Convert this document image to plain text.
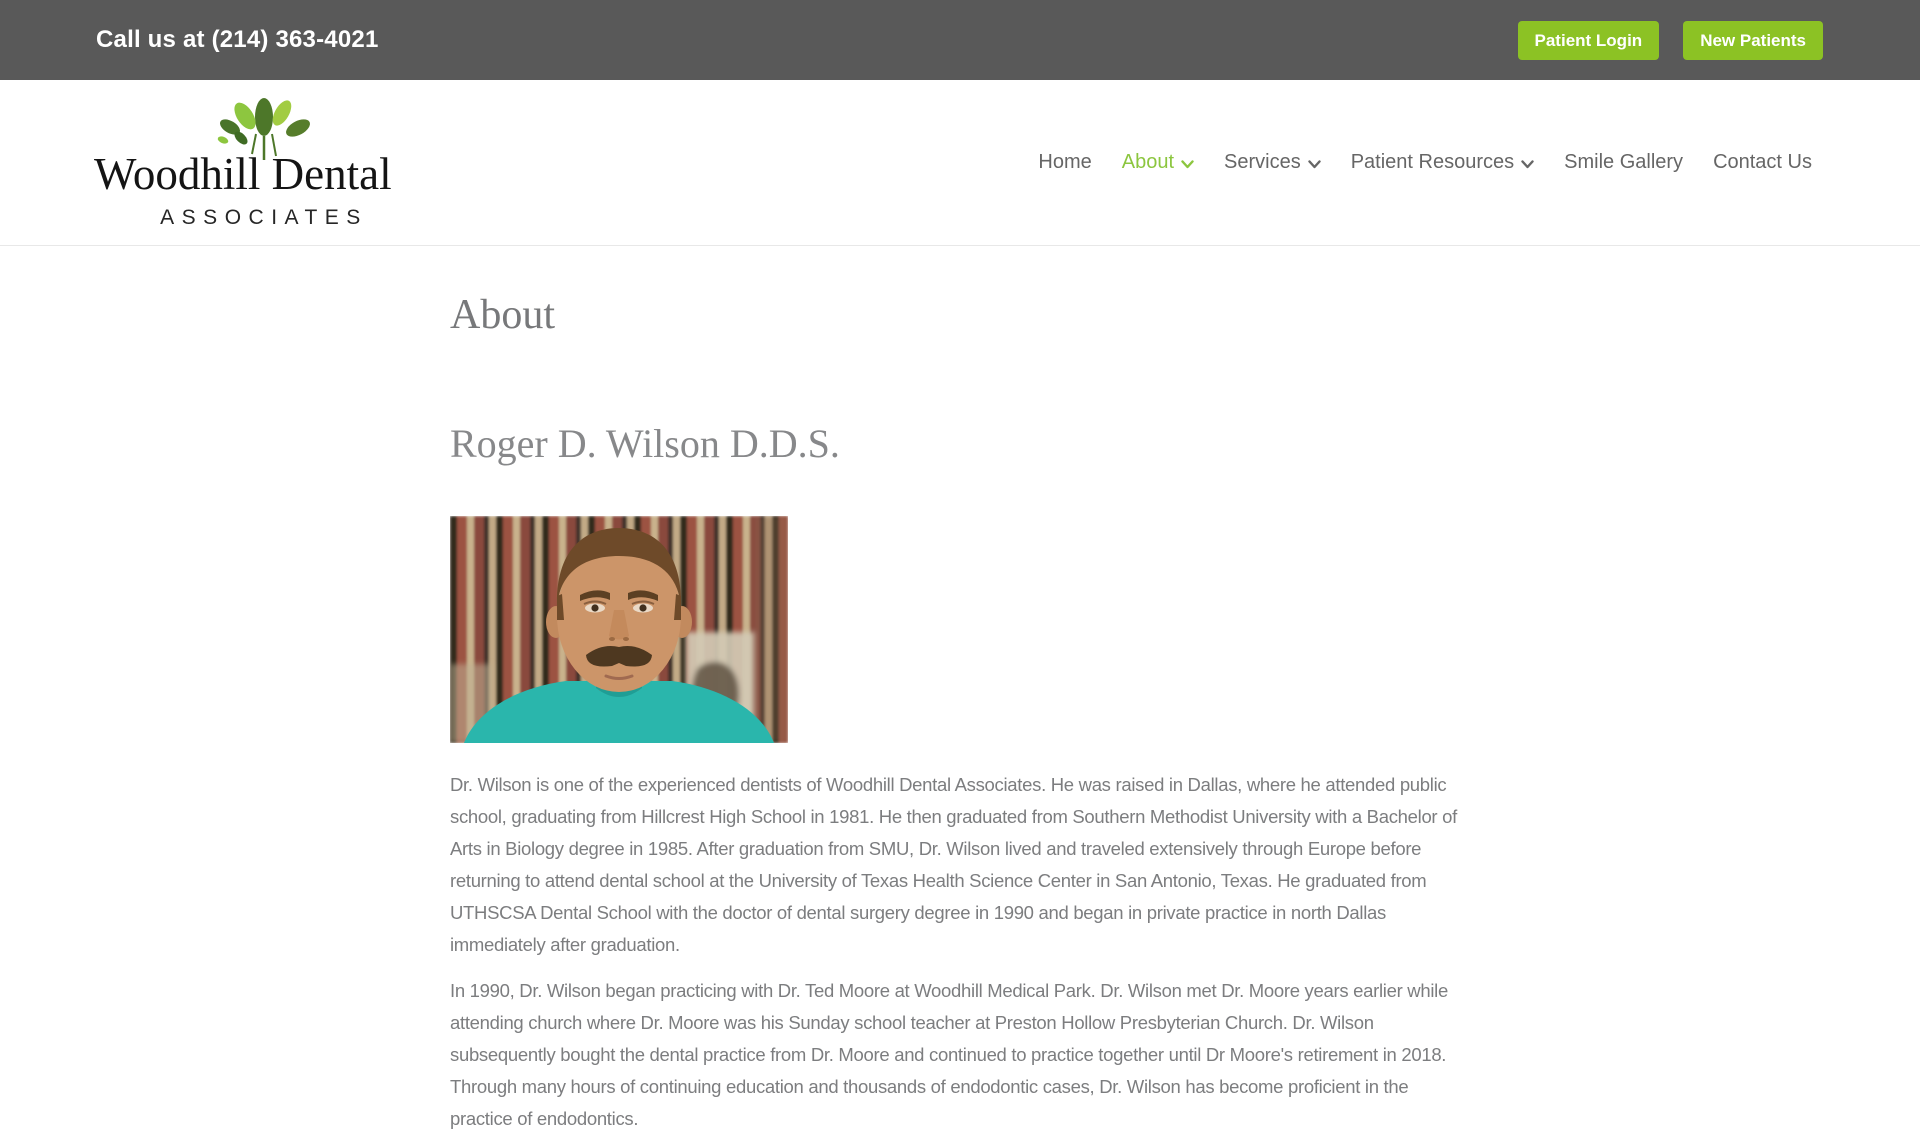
Call us at (214) 363-4021	Patient Login	New Patients
Woodhill Dental
ASSOCIATES
Home About	Services	Patient Resources	Smile Gallery Contact Us
About
Roger D. Wilson D.D.S.

Dr. Wilson is one of the experienced dentists of Woodhill Dental Associates. He was raised in Dallas, where he attended public school, graduating from Hillcrest High School in 1981. He then graduated from Southern Methodist University with a Bachelor of Arts in Biology degree in 1985. After graduation from SMU, Dr. Wilson lived and traveled extensively through Europe before returning to attend dental school at the University of Texas Health Science Center in San Antonio, Texas. He graduated from UTHSCSA Dental School with the doctor of dental surgery degree in 1990 and began in private practice in north Dallas immediately after graduation.

In 1990, Dr. Wilson began practicing with Dr. Ted Moore at Woodhill Medical Park. Dr. Wilson met Dr. Moore years earlier while attending church where Dr. Moore was his Sunday school teacher at Preston Hollow Presbyterian Church. Dr. Wilson subsequently bought the dental practice from Dr. Moore and continued to practice together until Dr Moore's retirement in 2018. Through many hours of continuing education and thousands of endodontic cases, Dr. Wilson has become proficient in the practice of endodontics.
